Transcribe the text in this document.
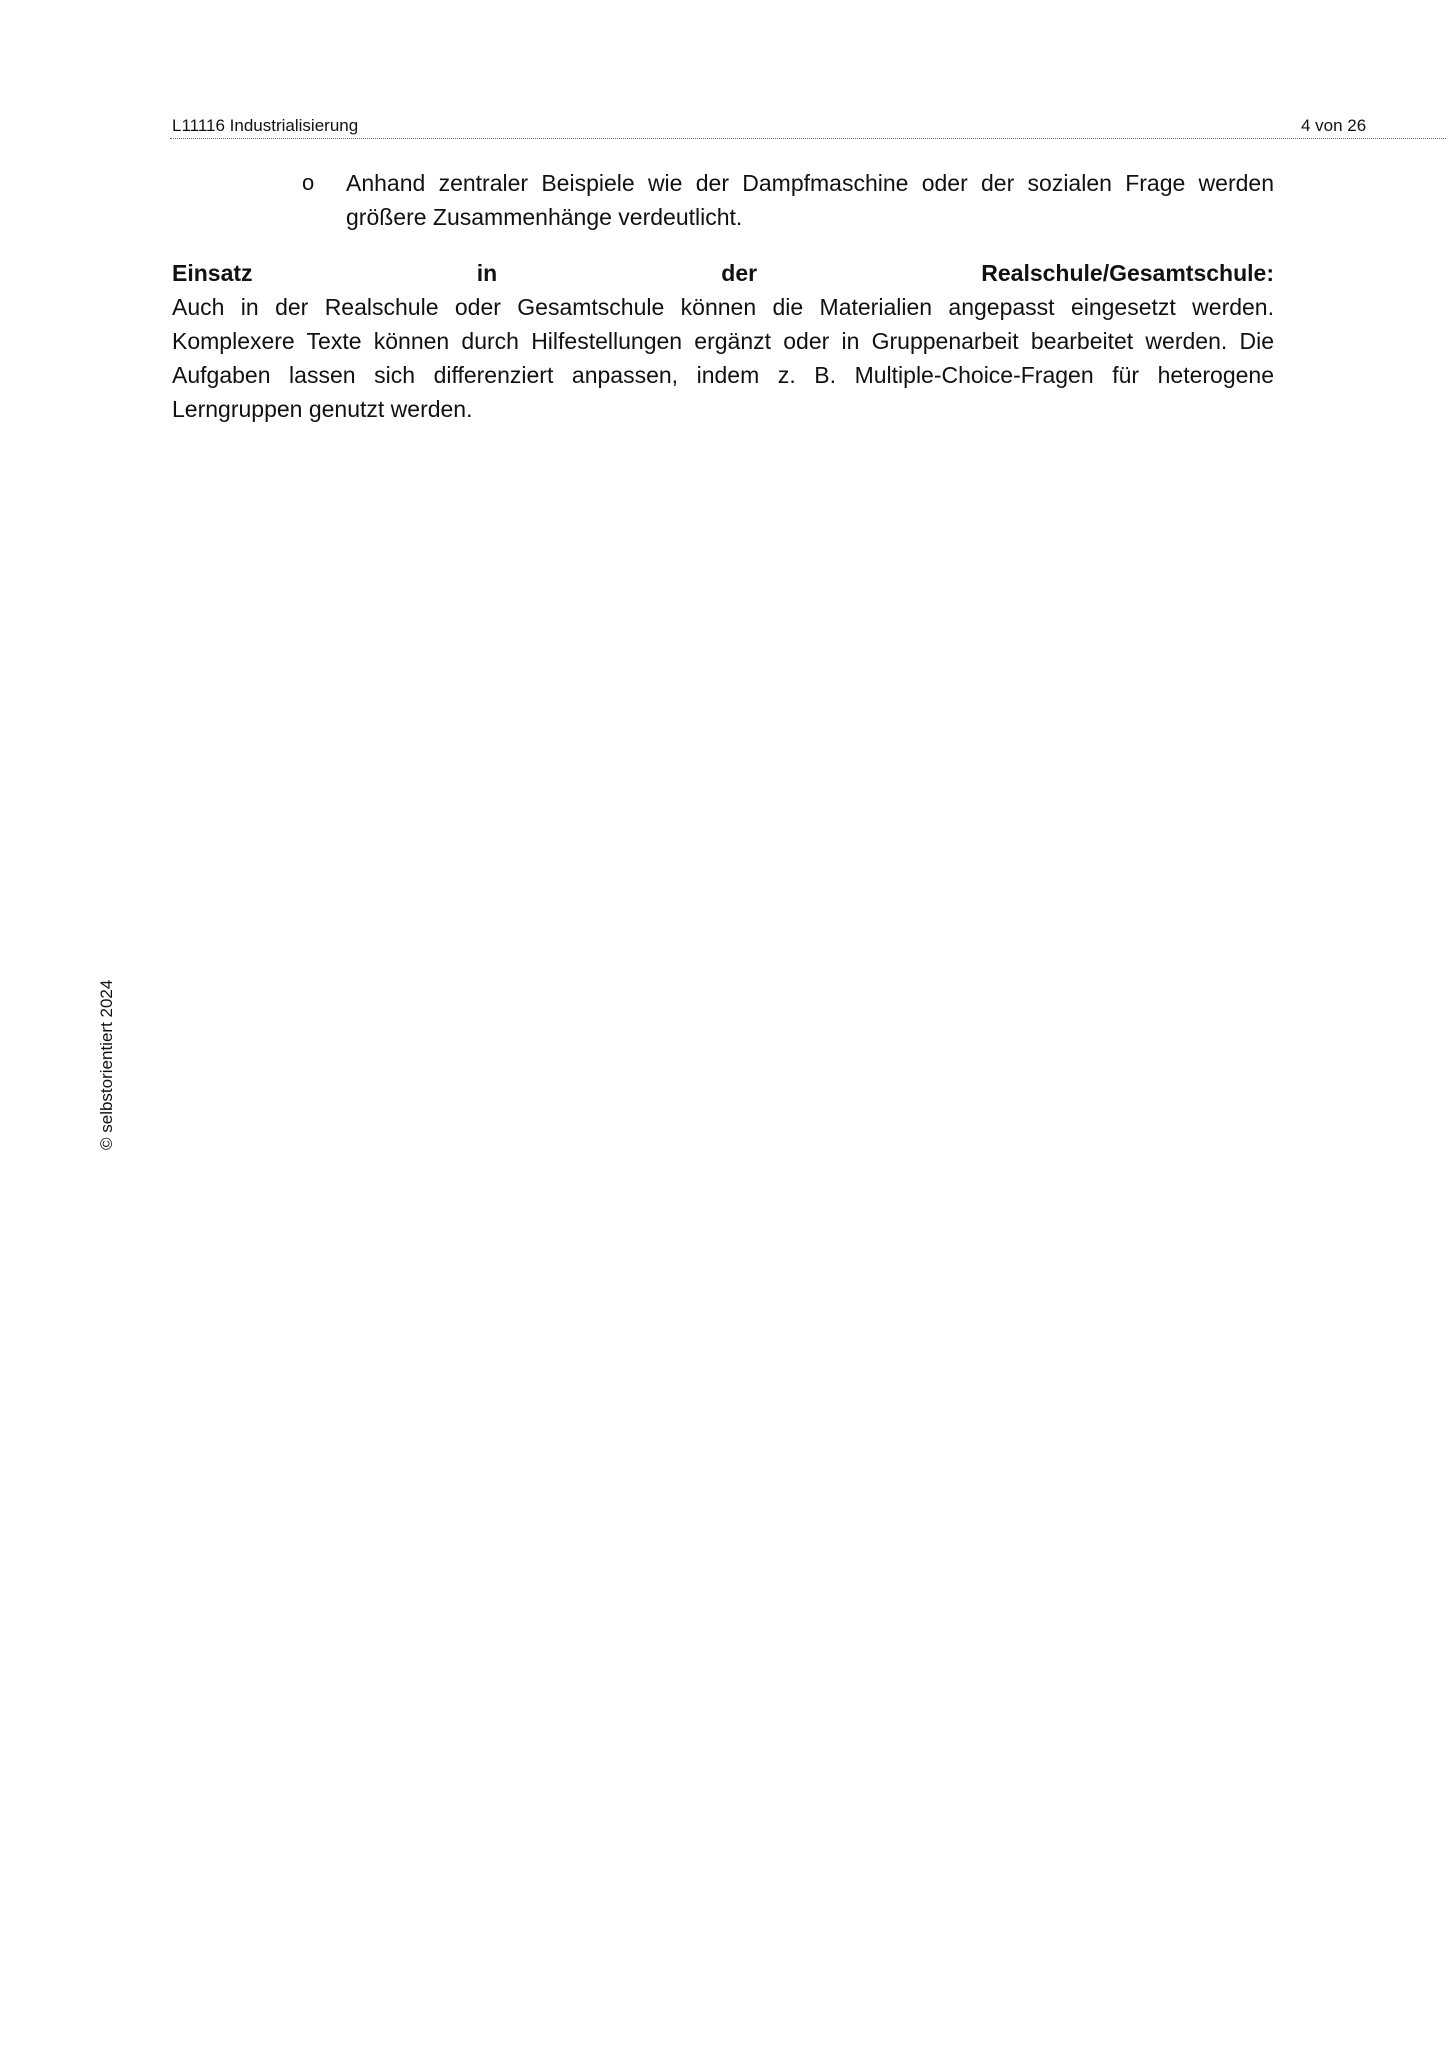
L11116 Industrialisierung	4 von 26

o Anhand zentraler Beispiele wie der Dampfmaschine oder der sozialen Frage werden größere Zusammenhänge verdeutlicht.

Einsatz	in	der	Realschule/Gesamtschule:

Auch in der Realschule oder Gesamtschule können die Materialien angepasst eingesetzt werden. Komplexere Texte können durch Hilfestellungen ergänzt oder in Gruppenarbeit bearbeitet werden. Die Aufgaben lassen sich differenziert anpassen, indem z. B. Multiple-Choice-Fragen für heterogene Lerngruppen genutzt werden.

© selbstorientiert 2024
